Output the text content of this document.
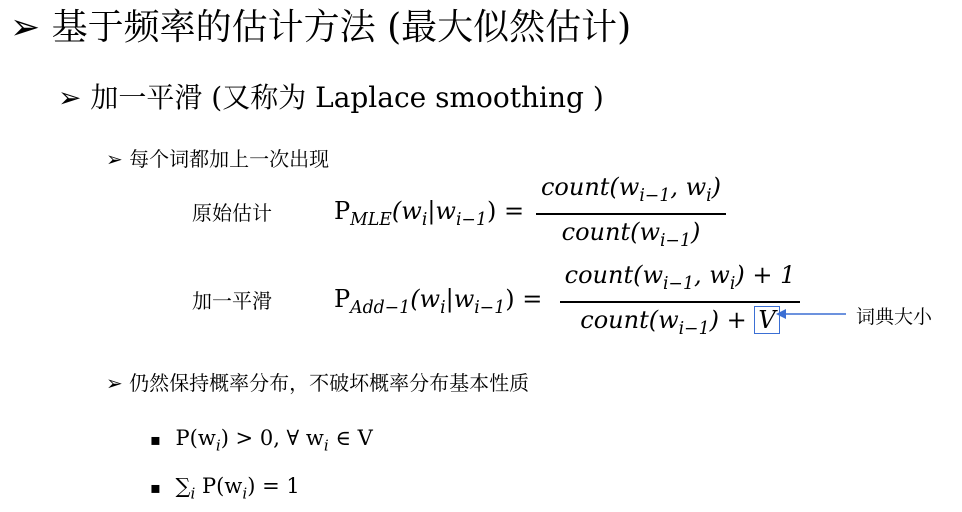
➢ 基于频率的估计方法 (最大似然估计)
➢ 加一平滑 (又称为 Laplace smoothing )
➢ 每个词都加上一次出现
原始估计	$P_{MLE}(w_i|w_{i-1})$ =
$count(w_{i-1}$, $w_i$)
$count(w_{i-1})$
加一平滑	$P_{Add-1}(w_i|w_{i-1})$ =
$count(w_{i-1}$, $w_i) + 1$
$count(w_{i-1}) + V$	词典大小
➢ 仍然保持概率分布，不破坏概率分布基本性质
▪ $P(w_i) > 0$, ∀ $w_i$ ∈ V
▪ $\sum_i$ $P(w_i) = 1$
